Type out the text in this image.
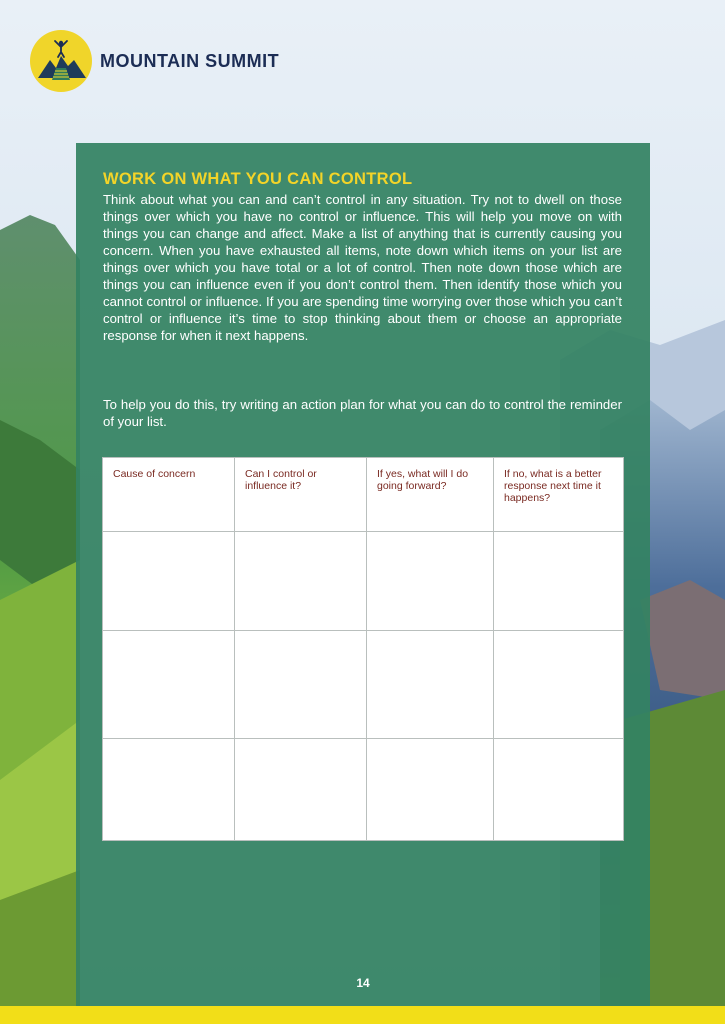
MOUNTAIN SUMMIT
WORK ON WHAT YOU CAN CONTROL

Think about what you can and can’t control in any situation. Try not to dwell on those things over which you have no control or influence. This will help you move on with things you can change and affect. Make a list of anything that is currently causing you concern. When you have exhausted all items, note down which items on your list are things over which you have total or a lot of control. Then note down those which are things you can influence even if you don’t control them. Then identify those which you cannot control or influence. If you are spending time worrying over those which you can’t control or influence it’s time to stop thinking about them or choose an appropriate response for when it next happens.

To help you do this, try writing an action plan for what you can do to control the reminder of your list.

Cause of concern	Can I control or influence it?	If yes, what will I do going forward?	If no, what is a better response next time it happens?

14
